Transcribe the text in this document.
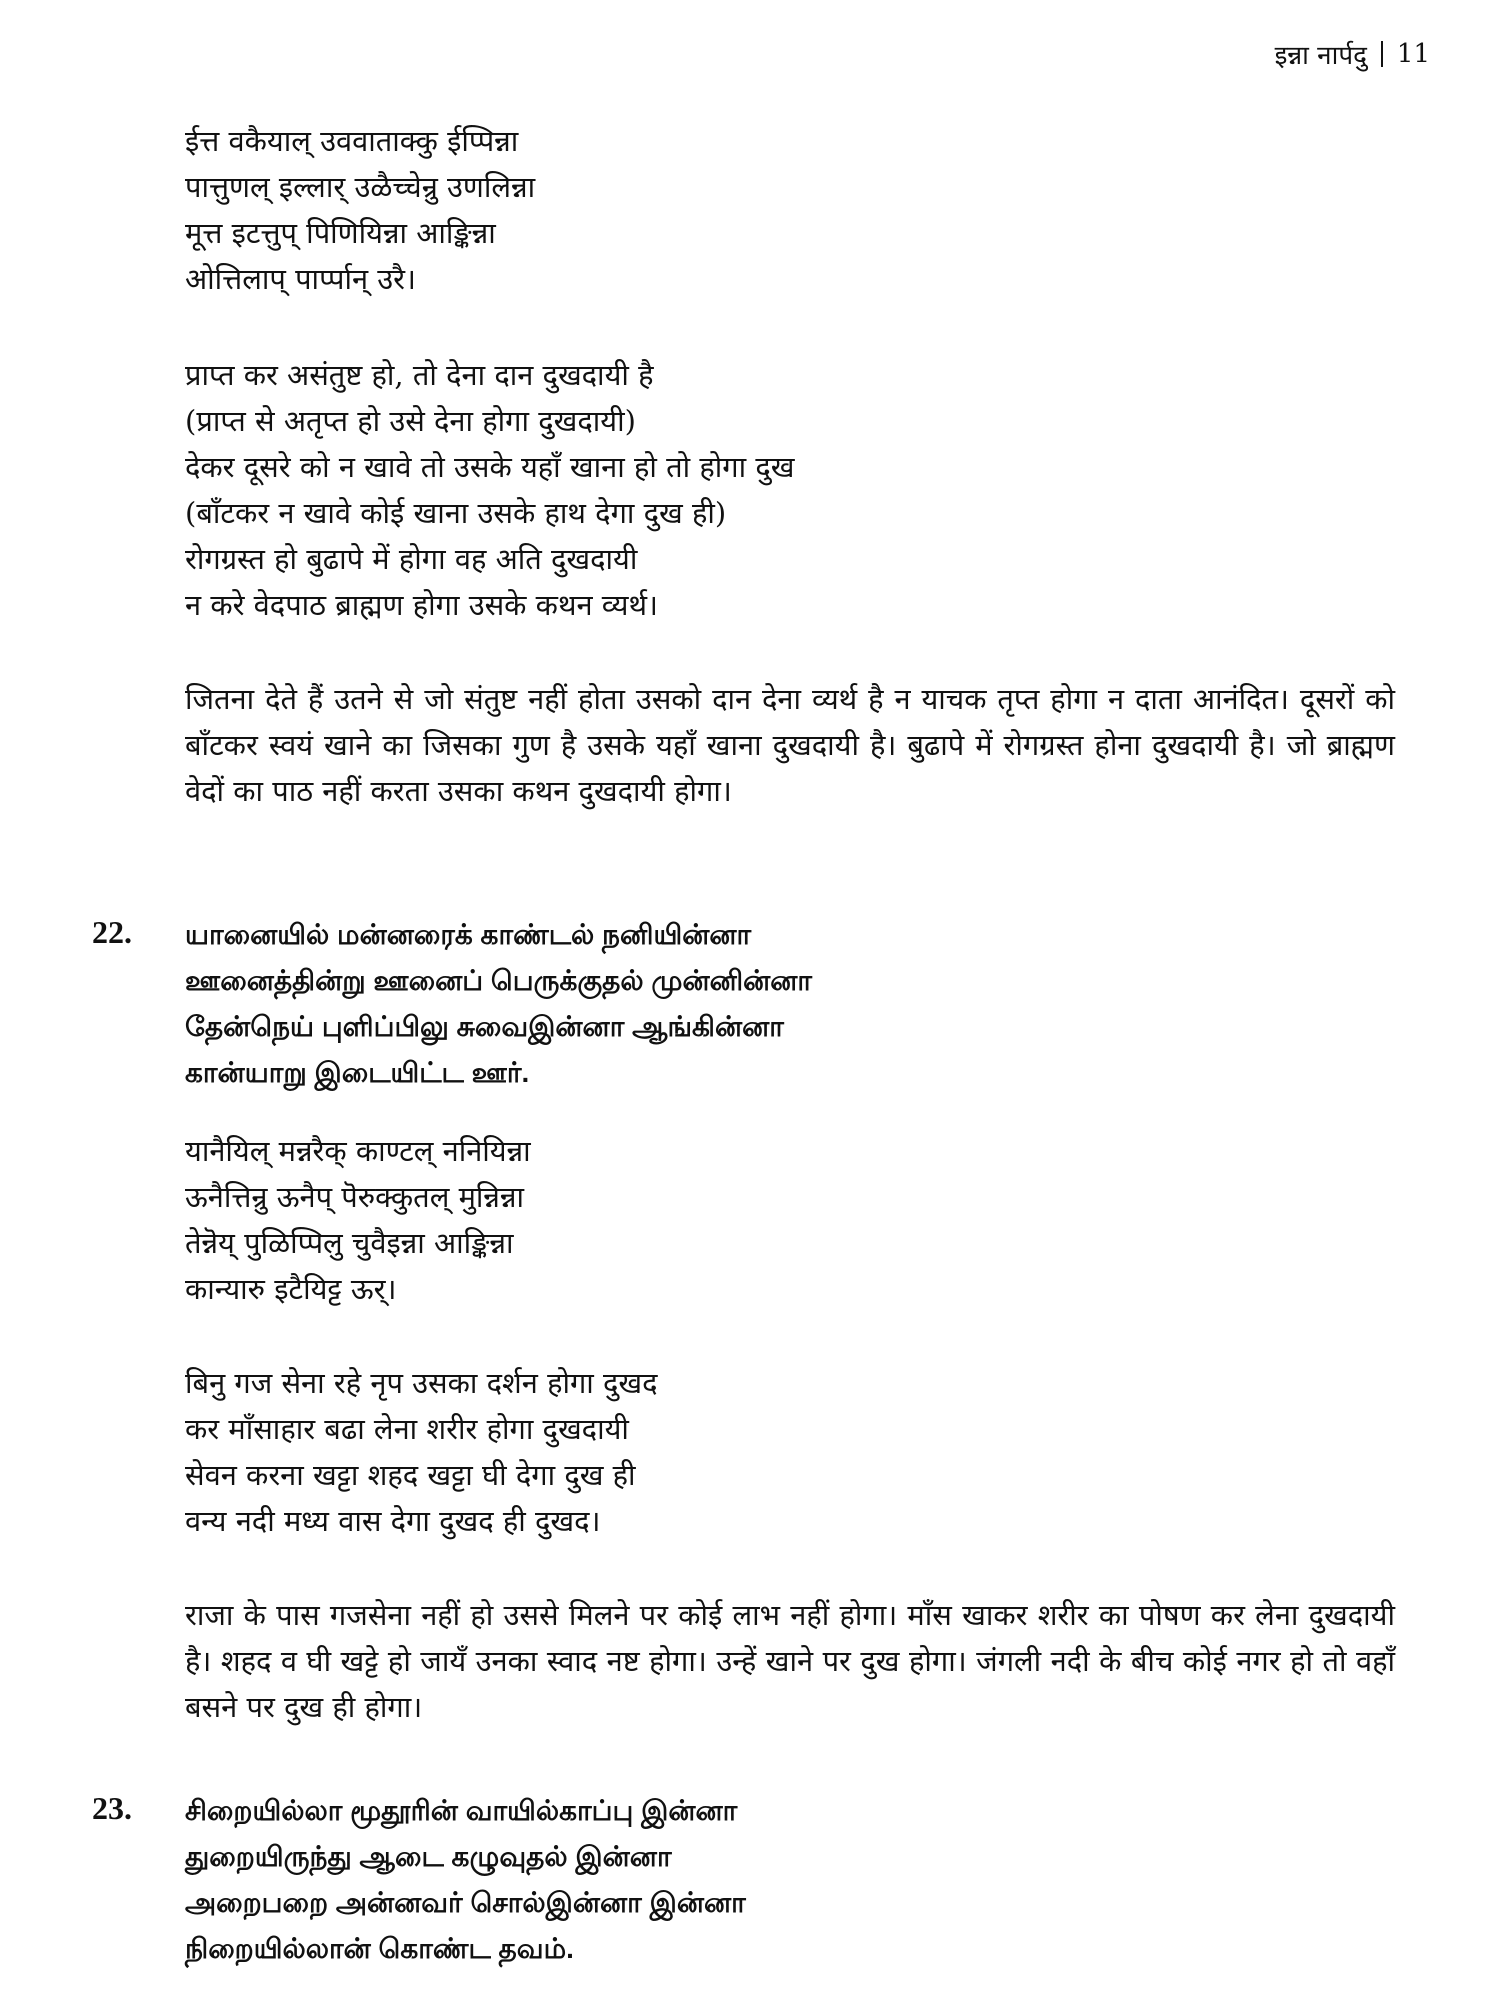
इन्ना नार्पदु 11
ईत्त वकैयाल् उववाताक्कु ईप्पिन्ना
पात्तुणल् इल्लार् उळैच्चेन्रु उणलिन्ना
मूत्त इटत्तुप् पिणियिन्ना आङ्किन्ना
ओत्तिलाप् पार्प्पान् उरै।
प्राप्त कर असंतुष्ट हो, तो देना दान दुखदायी है
(प्राप्त से अतृप्त हो उसे देना होगा दुखदायी)
देकर दूसरे को न खावे तो उसके यहाँ खाना हो तो होगा दुख
(बाँटकर न खावे कोई खाना उसके हाथ देगा दुख ही)
रोगग्रस्त हो बुढापे में होगा वह अति दुखदायी
न करे वेदपाठ ब्राह्मण होगा उसके कथन व्यर्थ।
जितना देते हैं उतने से जो संतुष्ट नहीं होता उसको दान देना व्यर्थ है न याचक तृप्त होगा न दाता आनंदित। दूसरों को बाँटकर स्वयं खाने का जिसका गुण है उसके यहाँ खाना दुखदायी है। बुढापे में रोगग्रस्त होना दुखदायी है। जो ब्राह्मण वेदों का पाठ नहीं करता उसका कथन दुखदायी होगा।
22. யானையில் மன்னரைக் காண்டல் நனியின்னா
ஊனைத்தின்று ஊனைப் பெருக்குதல் முன்னின்னா
தேன்நெய் புளிப்பிலு சுவைஇன்னா ஆங்கின்னா
கான்யாறு இடையிட்ட ஊர்.
यानैयिल् मन्नरैक् काण्टल् ननियिन्ना
ऊनैत्तिन्रु ऊनैप् पॆरुक्कुतल् मुन्निन्ना
तेन्नॆय् पुळिप्पिलु चुवैइन्ना आङ्किन्ना
कान्यारु इटैयिट्ट ऊर्।
बिनु गज सेना रहे नृप उसका दर्शन होगा दुखद
कर माँसाहार बढा लेना शरीर होगा दुखदायी
सेवन करना खट्टा शहद खट्टा घी देगा दुख ही
वन्य नदी मध्य वास देगा दुखद ही दुखद।
राजा के पास गजसेना नहीं हो उससे मिलने पर कोई लाभ नहीं होगा। माँस खाकर शरीर का पोषण कर लेना दुखदायी है। शहद व घी खट्टे हो जायँ उनका स्वाद नष्ट होगा। उन्हें खाने पर दुख होगा। जंगली नदी के बीच कोई नगर हो तो वहाँ बसने पर दुख ही होगा।
23. சிறையில்லா மூதூரின் வாயில்காப்பு இன்னா
துறையிருந்து ஆடை கழுவுதல் இன்னா
அறைபறை அன்னவர் சொல்இன்னா இன்னா
நிறையில்லான் கொண்ட தவம்.
